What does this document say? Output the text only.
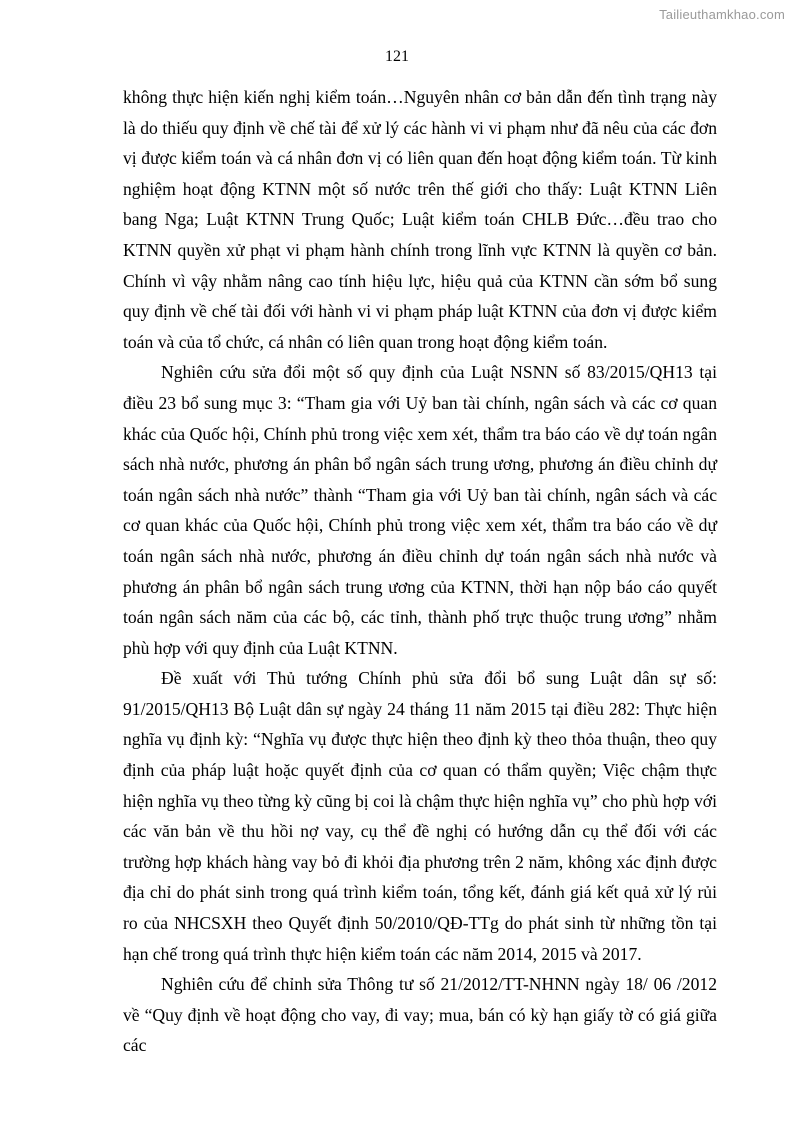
Tailieuthamkhao.com
121

không thực hiện kiến nghị kiểm toán…Nguyên nhân cơ bản dẫn đến tình trạng này là do thiếu quy định về chế tài để xử lý các hành vi vi phạm như đã nêu của các đơn vị được kiểm toán và cá nhân đơn vị có liên quan đến hoạt động kiểm toán. Từ kinh nghiệm hoạt động KTNN một số nước trên thế giới cho thấy: Luật KTNN Liên bang Nga; Luật KTNN Trung Quốc; Luật kiểm toán CHLB Đức…đều trao cho KTNN quyền xử phạt vi phạm hành chính trong lĩnh vực KTNN là quyền cơ bản. Chính vì vậy nhằm nâng cao tính hiệu lực, hiệu quả của KTNN cần sớm bổ sung quy định về chế tài đối với hành vi vi phạm pháp luật KTNN của đơn vị được kiểm toán và của tổ chức, cá nhân có liên quan trong hoạt động kiểm toán.

Nghiên cứu sửa đổi một số quy định của Luật NSNN số 83/2015/QH13 tại điều 23 bổ sung mục 3: “Tham gia với Uỷ ban tài chính, ngân sách và các cơ quan khác của Quốc hội, Chính phủ trong việc xem xét, thẩm tra báo cáo về dự toán ngân sách nhà nước, phương án phân bổ ngân sách trung ương, phương án điều chỉnh dự toán ngân sách nhà nước” thành “Tham gia với Uỷ ban tài chính, ngân sách và các cơ quan khác của Quốc hội, Chính phủ trong việc xem xét, thẩm tra báo cáo về dự toán ngân sách nhà nước, phương án điều chỉnh dự toán ngân sách nhà nước và phương án phân bổ ngân sách trung ương của KTNN, thời hạn nộp báo cáo quyết toán ngân sách năm của các bộ, các tỉnh, thành phố trực thuộc trung ương” nhằm phù hợp với quy định của Luật KTNN.

Đề xuất với Thủ tướng Chính phủ sửa đổi bổ sung Luật dân sự số: 91/2015/QH13 Bộ Luật dân sự ngày 24 tháng 11 năm 2015 tại điều 282: Thực hiện nghĩa vụ định kỳ: “Nghĩa vụ được thực hiện theo định kỳ theo thỏa thuận, theo quy định của pháp luật hoặc quyết định của cơ quan có thẩm quyền; Việc chậm thực hiện nghĩa vụ theo từng kỳ cũng bị coi là chậm thực hiện nghĩa vụ” cho phù hợp với các văn bản về thu hồi nợ vay, cụ thể đề nghị có hướng dẫn cụ thể đối với các trường hợp khách hàng vay bỏ đi khỏi địa phương trên 2 năm, không xác định được địa chỉ do phát sinh trong quá trình kiểm toán, tổng kết, đánh giá kết quả xử lý rủi ro của NHCSXH theo Quyết định 50/2010/QĐ-TTg do phát sinh từ những tồn tại hạn chế trong quá trình thực hiện kiểm toán các năm 2014, 2015 và 2017.

Nghiên cứu để chỉnh sửa Thông tư số 21/2012/TT-NHNN ngày 18/ 06 /2012 về “Quy định về hoạt động cho vay, đi vay; mua, bán có kỳ hạn giấy tờ có giá giữa các
